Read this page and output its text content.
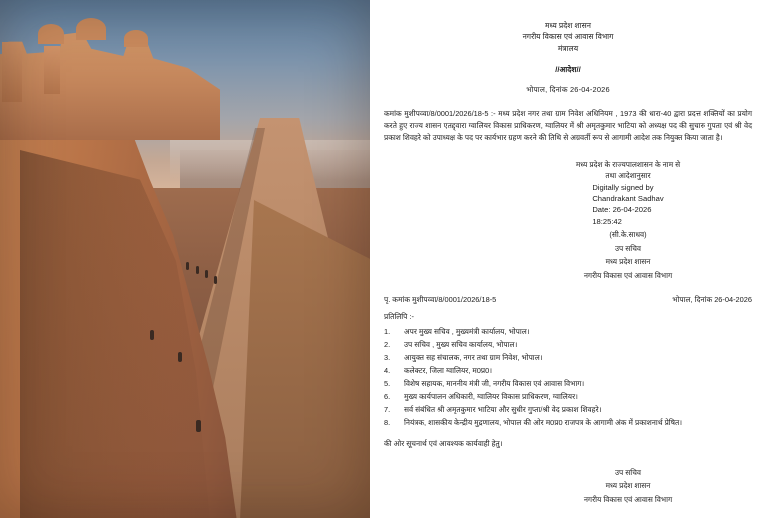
मध्य प्रदेश शासन
नगरीय विकास एवं आवास विभाग
मंत्रालय
//आदेश//
भोपाल, दिनांक 26-04-2026
कमांक मुशीपव्वा/8/0001/2026/18-5 :- मध्य प्रदेश नगर तथा ग्राम निवेश अधिनियम , 1973 की धारा-40 द्वारा प्रदत्त शक्तियों का प्रयोग करते हुए राज्य शासन एतद्द्वारा ग्वालियर विकास प्राधिकरण, ग्वालियर में श्री अमृतकुमार भाटिया को अध्यक्ष पद की सुचारु गुपता एवं श्री वेद प्रकाश शिवहरे को उपाध्यक्ष के पद पर कार्यभार ग्रहण करने की तिथि से अग्रवर्ती रूप से आगामी आदेश तक नियुक्त किया जाता है।
मध्य प्रदेश के राज्यपालशासन के नाम से
तथा आदेशानुसार
Digitally signed by
Chandrakant Sadhav
Date: 26-04-2026
18:25:42
(सी.के.साधव)
उप सचिव
मध्य प्रदेश शासन
नगरीय विकास एवं आवास विभाग
पृ. कमांक मुशीपव्वा/8/0001/2026/18-5	भोपाल, दिनांक 26-04-2026
प्रतिलिपि :-
1.	अपर मुख्य सचिव , मुख्यमंत्री कार्यालय, भोपाल।
2.	उप सचिव , मुख्य सचिव कार्यालय, भोपाल।
3.	आयुक्त सह संचालक, नगर तथा ग्राम निवेश, भोपाल।
4.	कलेक्टर, जिला ग्वालियर, म0प्र0।
5.	विशेष सहायक, माननीय मंत्री जी, नगरीय विकास एवं आवास विभाग।
6.	मुख्य कार्यपालन अधिकारी, ग्वालियर विकास प्राधिकरण, ग्वालियर।
7.	सर्व संबंधित श्री अमृतकुमार भाटिया और सुधीर गुप्ता/श्री वेद प्रकाश शिवहरे।
8.	नियंत्रक, शासकीय केन्द्रीय मुद्रणालय, भोपाल की ओर म0प्र0 राजपत्र के आगामी अंक में प्रकाशनार्थ प्रेषित।
की ओर सूचनार्थ एवं आवश्यक कार्यवाही हेतु।
उप सचिव
मध्य प्रदेश शासन
नगरीय विकास एवं आवास विभाग
